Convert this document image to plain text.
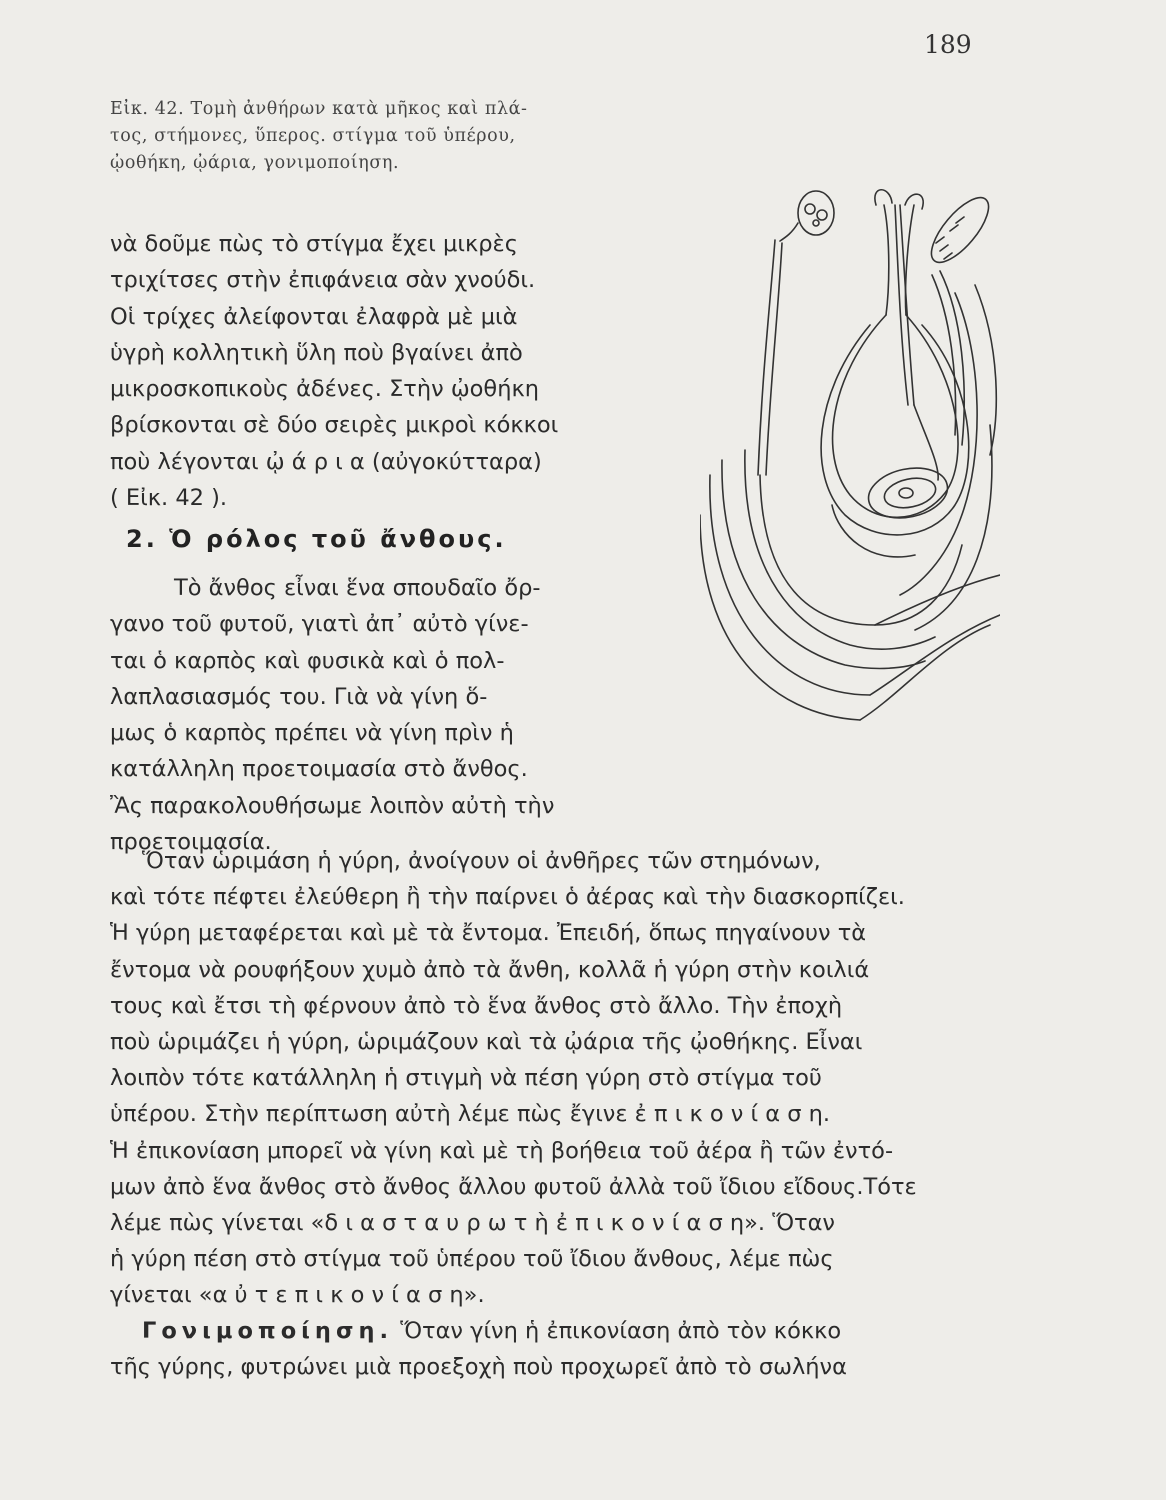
189

Εἰκ. 42. Τομὴ ἀνθήρων κατὰ μῆκος καὶ πλά-
τος, στήμονες, ὕπερος. στίγμα τοῦ ὑπέρου,
ᾠοθήκη, ᾠάρια, γονιμοποίηση.

νὰ δοῦμε πὼς τὸ στίγμα ἔχει μικρὲς
τριχίτσες στὴν ἐπιφάνεια σὰν χνούδι.
Οἱ τρίχες ἀλείφονται ἐλαφρὰ μὲ μιὰ
ὑγρὴ κολλητικὴ ὕλη ποὺ βγαίνει ἀπὸ
μικροσκοπικοὺς ἀδένες. Στὴν ᾠοθήκη
βρίσκονται σὲ δύο σειρὲς μικροὶ κόκκοι
ποὺ λέγονται ᾠ ά ρ ι α (αὐγοκύτταρα)
( Εἰκ. 42 ).

2. Ὁ ρόλος τοῦ ἄνθους.

Τὸ ἄνθος εἶναι ἕνα σπουδαῖο ὄρ-
γανο τοῦ φυτοῦ, γιατὶ ἀπ᾽ αὐτὸ γίνε-
ται ὁ καρπὸς καὶ φυσικὰ καὶ ὁ πολ-
λαπλασιασμός του. Γιὰ νὰ γίνη ὅ-
μως ὁ καρπὸς πρέπει νὰ γίνη πρὶν ἡ
κατάλληλη προετοιμασία στὸ ἄνθος.
Ἂς παρακολουθήσωμε λοιπὸν αὐτὴ τὴν
προετοιμασία.

Ὅταν ὡριμάση ἡ γύρη, ἀνοίγουν οἱ ἀνθῆρες τῶν στημόνων,
καὶ τότε πέφτει ἐλεύθερη ἢ τὴν παίρνει ὁ ἀέρας καὶ τὴν διασκορπίζει.
Ἡ γύρη μεταφέρεται καὶ μὲ τὰ ἔντομα. Ἐπειδή, ὅπως πηγαίνουν τὰ
ἔντομα νὰ ρουφήξουν χυμὸ ἀπὸ τὰ ἄνθη, κολλᾶ ἡ γύρη στὴν κοιλιά
τους καὶ ἔτσι τὴ φέρνουν ἀπὸ τὸ ἕνα ἄνθος στὸ ἄλλο. Τὴν ἐποχὴ
ποὺ ὡριμάζει ἡ γύρη, ὡριμάζουν καὶ τὰ ᾠάρια τῆς ᾠοθήκης. Εἶναι
λοιπὸν τότε κατάλληλη ἡ στιγμὴ νὰ πέση γύρη στὸ στίγμα τοῦ
ὑπέρου. Στὴν περίπτωση αὐτὴ λέμε πὼς ἔγινε ἐ π ι κ ο ν ί α σ η.
Ἡ ἐπικονίαση μπορεῖ νὰ γίνη καὶ μὲ τὴ βοήθεια τοῦ ἀέρα ἢ τῶν ἐντό-
μων ἀπὸ ἕνα ἄνθος στὸ ἄνθος ἄλλου φυτοῦ ἀλλὰ τοῦ ἴδιου εἴδους.Τότε
λέμε πὼς γίνεται «δ ι α σ τ α υ ρ ω τ ὴ ἐ π ι κ ο ν ί α σ η». Ὅταν
ἡ γύρη πέση στὸ στίγμα τοῦ ὑπέρου τοῦ ἴδιου ἄνθους, λέμε πὼς
γίνεται «α ὐ τ ε π ι κ ο ν ί α σ η».

Γονιμοποίηση. Ὅταν γίνη ἡ ἐπικονίαση ἀπὸ τὸν κόκκο
τῆς γύρης, φυτρώνει μιὰ προεξοχὴ ποὺ προχωρεῖ ἀπὸ τὸ σωλήνα
